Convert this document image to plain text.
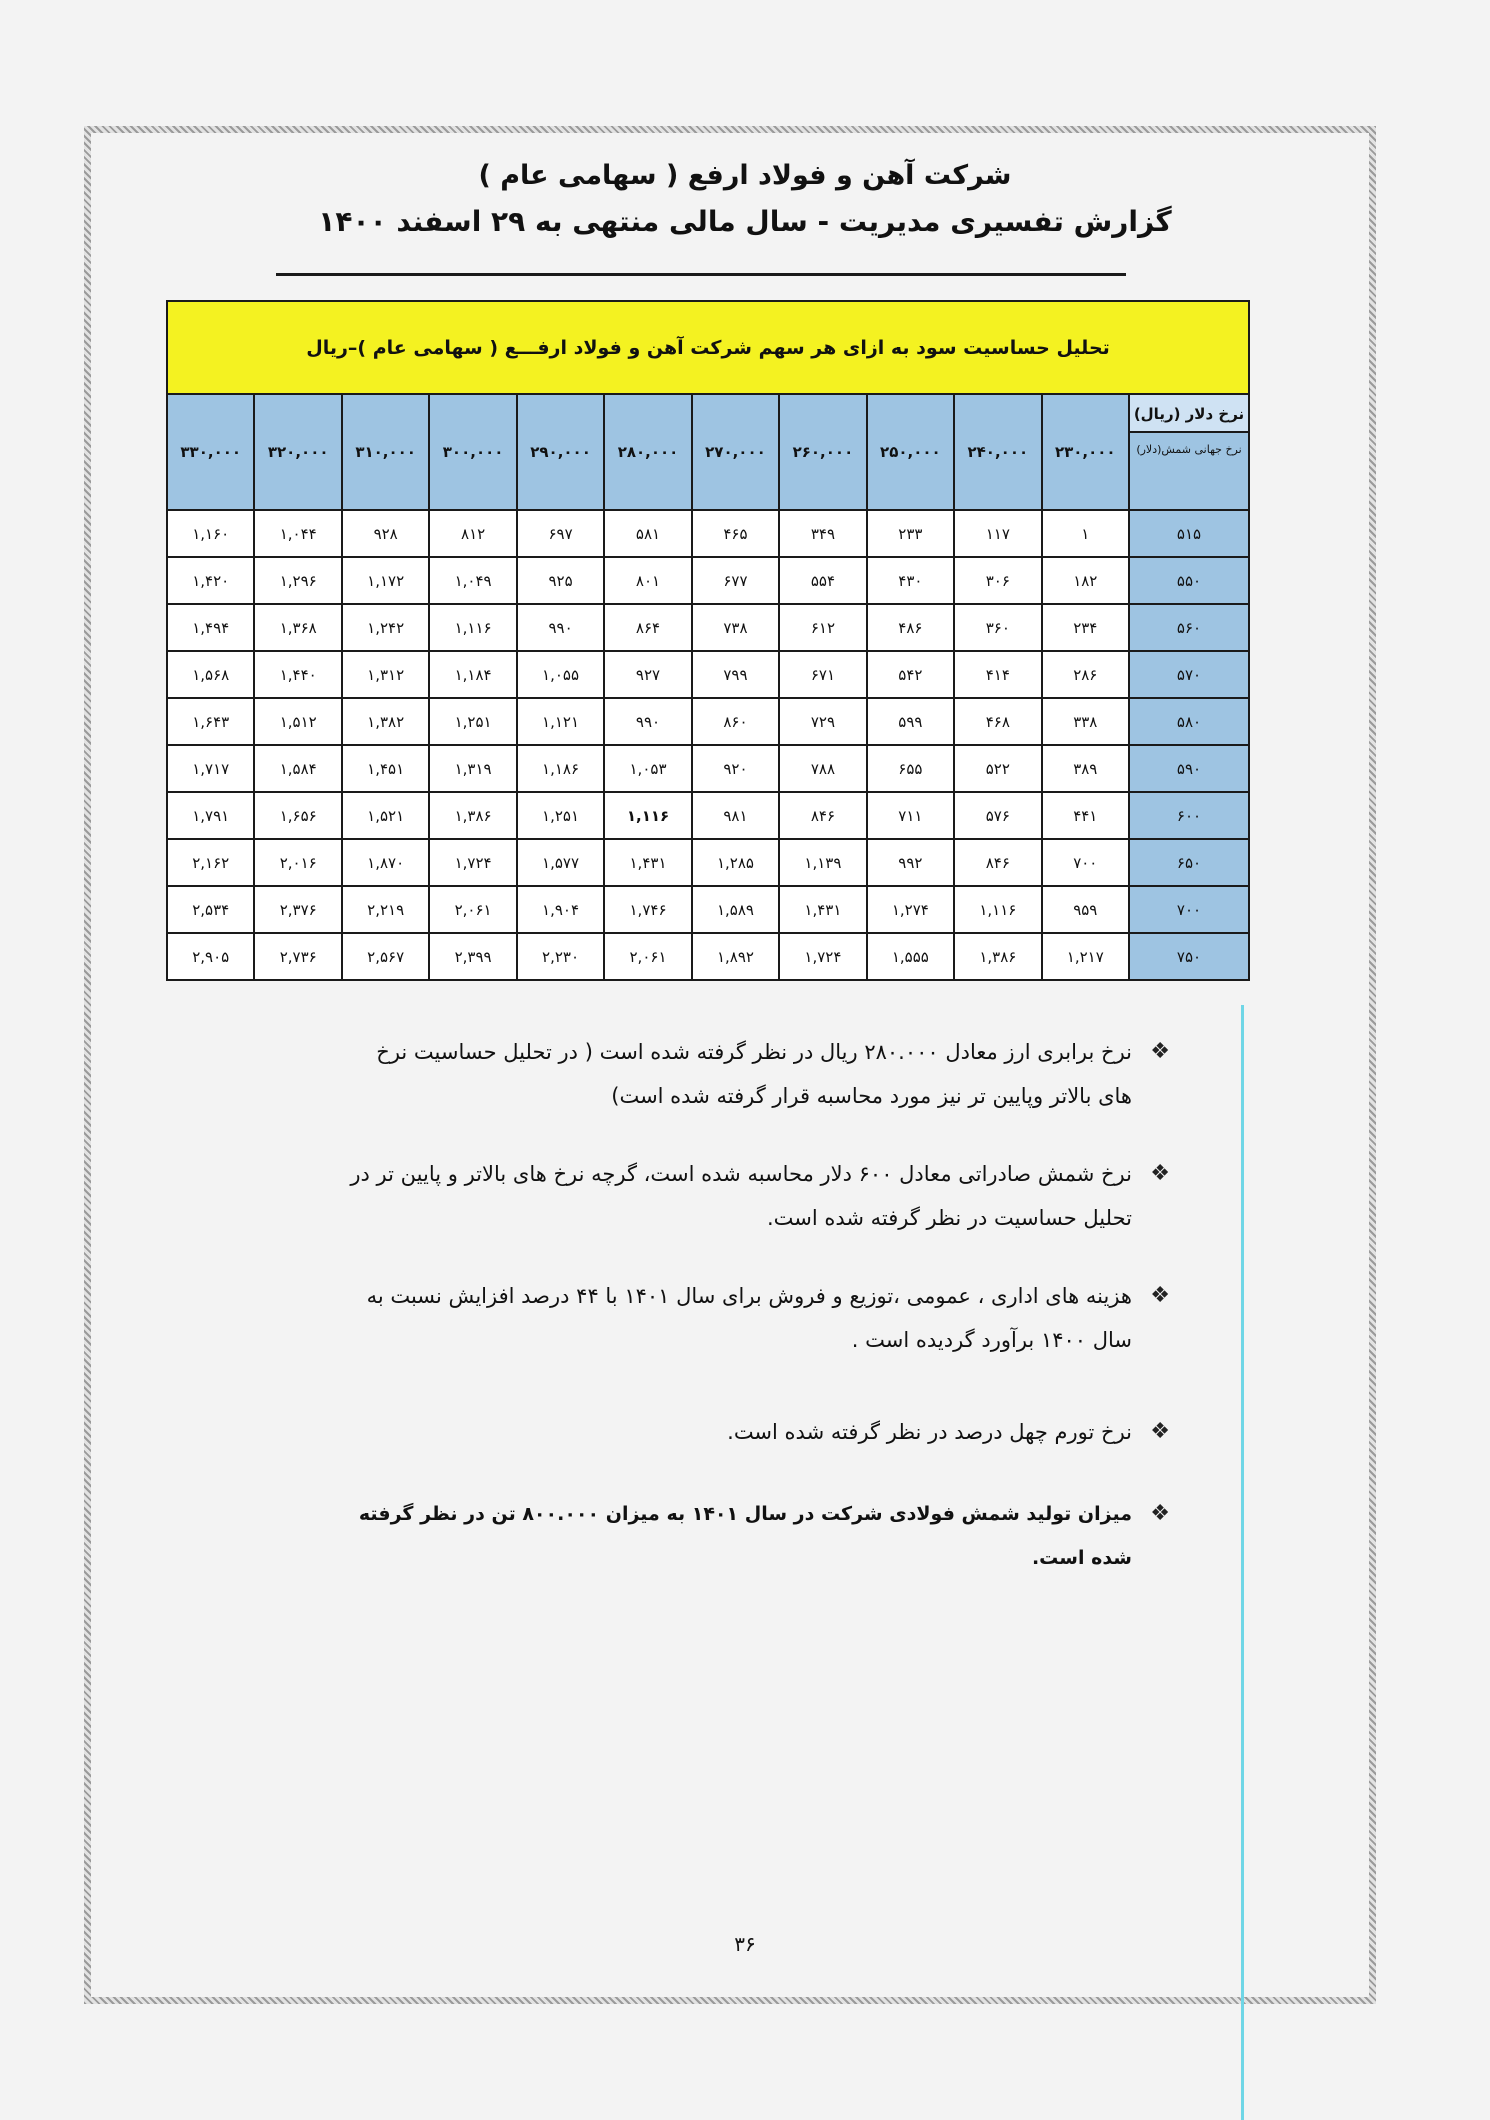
شرکت آهن و فولاد ارفع ( سهامی عام )

گزارش تفسیری مدیریت - سال مالی منتهی به ۲۹ اسفند ۱۴۰۰

تحلیل حساسیت سود به ازای هر سهم شرکت آهن و فولاد ارفـــع ( سهامی عام )–ریال											

نرخ دلار (ریال)
نرخ جهانی شمش(دلار)	۲۳۰,۰۰۰	۲۴۰,۰۰۰	۲۵۰,۰۰۰	۲۶۰,۰۰۰	۲۷۰,۰۰۰	۲۸۰,۰۰۰	۲۹۰,۰۰۰	۳۰۰,۰۰۰	۳۱۰,۰۰۰	۳۲۰,۰۰۰	۳۳۰,۰۰۰
۵۱۵	۱	۱۱۷	۲۳۳	۳۴۹	۴۶۵	۵۸۱	۶۹۷	۸۱۲	۹۲۸	۱,۰۴۴	۱,۱۶۰
۵۵۰	۱۸۲	۳۰۶	۴۳۰	۵۵۴	۶۷۷	۸۰۱	۹۲۵	۱,۰۴۹	۱,۱۷۲	۱,۲۹۶	۱,۴۲۰
۵۶۰	۲۳۴	۳۶۰	۴۸۶	۶۱۲	۷۳۸	۸۶۴	۹۹۰	۱,۱۱۶	۱,۲۴۲	۱,۳۶۸	۱,۴۹۴
۵۷۰	۲۸۶	۴۱۴	۵۴۲	۶۷۱	۷۹۹	۹۲۷	۱,۰۵۵	۱,۱۸۴	۱,۳۱۲	۱,۴۴۰	۱,۵۶۸
۵۸۰	۳۳۸	۴۶۸	۵۹۹	۷۲۹	۸۶۰	۹۹۰	۱,۱۲۱	۱,۲۵۱	۱,۳۸۲	۱,۵۱۲	۱,۶۴۳
۵۹۰	۳۸۹	۵۲۲	۶۵۵	۷۸۸	۹۲۰	۱,۰۵۳	۱,۱۸۶	۱,۳۱۹	۱,۴۵۱	۱,۵۸۴	۱,۷۱۷
۶۰۰	۴۴۱	۵۷۶	۷۱۱	۸۴۶	۹۸۱	۱,۱۱۶	۱,۲۵۱	۱,۳۸۶	۱,۵۲۱	۱,۶۵۶	۱,۷۹۱
۶۵۰	۷۰۰	۸۴۶	۹۹۲	۱,۱۳۹	۱,۲۸۵	۱,۴۳۱	۱,۵۷۷	۱,۷۲۴	۱,۸۷۰	۲,۰۱۶	۲,۱۶۲
۷۰۰	۹۵۹	۱,۱۱۶	۱,۲۷۴	۱,۴۳۱	۱,۵۸۹	۱,۷۴۶	۱,۹۰۴	۲,۰۶۱	۲,۲۱۹	۲,۳۷۶	۲,۵۳۴
۷۵۰	۱,۲۱۷	۱,۳۸۶	۱,۵۵۵	۱,۷۲۴	۱,۸۹۲	۲,۰۶۱	۲,۲۳۰	۲,۳۹۹	۲,۵۶۷	۲,۷۳۶	۲,۹۰۵
❖
نرخ برابری ارز معادل ۲۸۰.۰۰۰ ریال در نظر گرفته شده است ( در تحلیل حساسیت نرخ های بالاتر وپایین تر نیز مورد محاسبه قرار گرفته شده است)
❖
نرخ شمش صادراتی معادل ۶۰۰ دلار محاسبه شده است، گرچه نرخ های بالاتر و پایین تر در تحلیل حساسیت در نظر گرفته شده است.
❖
هزینه های اداری ، عمومی ،توزیع و فروش برای سال ۱۴۰۱ با ۴۴ درصد افزایش نسبت به سال ۱۴۰۰ برآورد گردیده است .
❖
نرخ تورم چهل درصد در نظر گرفته شده است.
❖
میزان تولید شمش فولادی شرکت در سال ۱۴۰۱ به میزان ۸۰۰.۰۰۰ تن در نظر گرفته شده است.
۳۶
